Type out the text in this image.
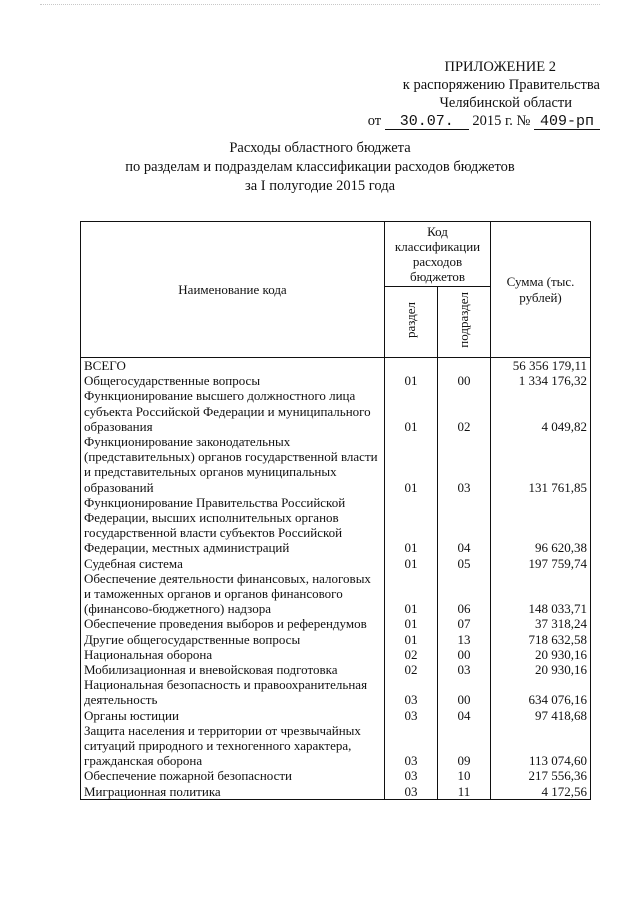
ПРИЛОЖЕНИЕ 2
к распоряжению Правительства
Челябинской области
от 30.07. 2015 г. № 409-рп
Расходы областного бюджета
по разделам и подразделам классификации расходов бюджетов
за I полугодие 2015 года
Наименование кода	Код классификации расходов бюджетов		Сумма (тыс. рублей)
	раздел	подраздел	
ВСЕГО			56 356 179,11
Общегосударственные вопросы	01	00	1 334 176,32
Функционирование высшего должностного лица субъекта Российской Федерации и муниципального образования	01	02	4 049,82
Функционирование законодательных (представительных) органов государственной власти и представительных органов муниципальных образований	01	03	131 761,85
Функционирование Правительства Российской Федерации, высших исполнительных органов государственной власти субъектов Российской Федерации, местных администраций	01	04	96 620,38
Судебная система	01	05	197 759,74
Обеспечение деятельности финансовых, налоговых и таможенных органов и органов финансового (финансово-бюджетного) надзора	01	06	148 033,71
Обеспечение проведения выборов и референдумов	01	07	37 318,24
Другие общегосударственные вопросы	01	13	718 632,58
Национальная оборона	02	00	20 930,16
Мобилизационная и вневойсковая подготовка	02	03	20 930,16
Национальная безопасность и правоохранительная деятельность	03	00	634 076,16
Органы юстиции	03	04	97 418,68
Защита населения и территории от чрезвычайных ситуаций природного и техногенного характера, гражданская оборона	03	09	113 074,60
Обеспечение пожарной безопасности	03	10	217 556,36
Миграционная политика	03	11	4 172,56
